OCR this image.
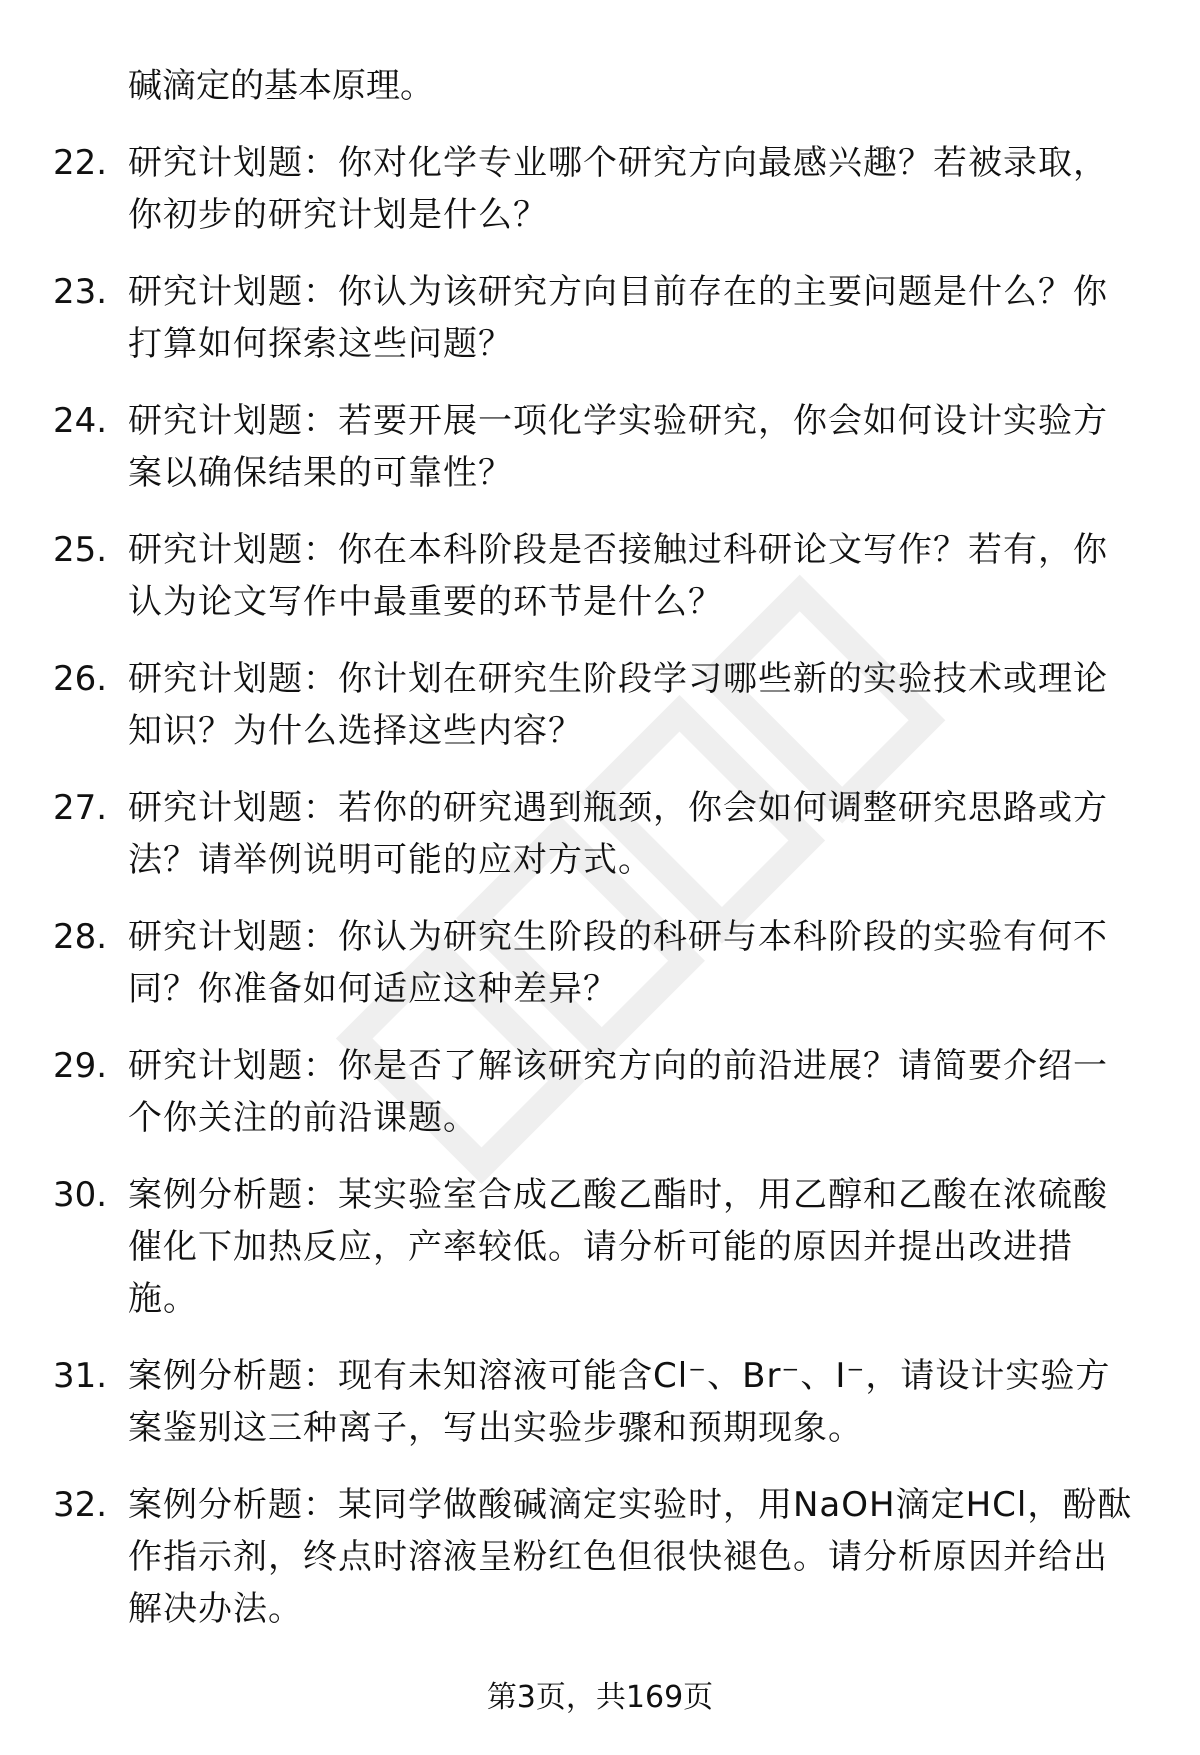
碱滴定的基本原理。
22. 研究计划题：你对化学专业哪个研究方向最感兴趣？若被录取，你初步的研究计划是什么？
23. 研究计划题：你认为该研究方向目前存在的主要问题是什么？你打算如何探索这些问题？
24. 研究计划题：若要开展一项化学实验研究，你会如何设计实验方案以确保结果的可靠性？
25. 研究计划题：你在本科阶段是否接触过科研论文写作？若有，你认为论文写作中最重要的环节是什么？
26. 研究计划题：你计划在研究生阶段学习哪些新的实验技术或理论知识？为什么选择这些内容？
27. 研究计划题：若你的研究遇到瓶颈，你会如何调整研究思路或方法？请举例说明可能的应对方式。
28. 研究计划题：你认为研究生阶段的科研与本科阶段的实验有何不同？你准备如何适应这种差异？
29. 研究计划题：你是否了解该研究方向的前沿进展？请简要介绍一个你关注的前沿课题。
30. 案例分析题：某实验室合成乙酸乙酯时，用乙醇和乙酸在浓硫酸催化下加热反应，产率较低。请分析可能的原因并提出改进措施。
31. 案例分析题：现有未知溶液可能含Cl⁻、Br⁻、I⁻，请设计实验方案鉴别这三种离子，写出实验步骤和预期现象。
32. 案例分析题：某同学做酸碱滴定实验时，用NaOH滴定HCl，酚酞作指示剂，终点时溶液呈粉红色但很快褪色。请分析原因并给出解决办法。
第3页，共169页
